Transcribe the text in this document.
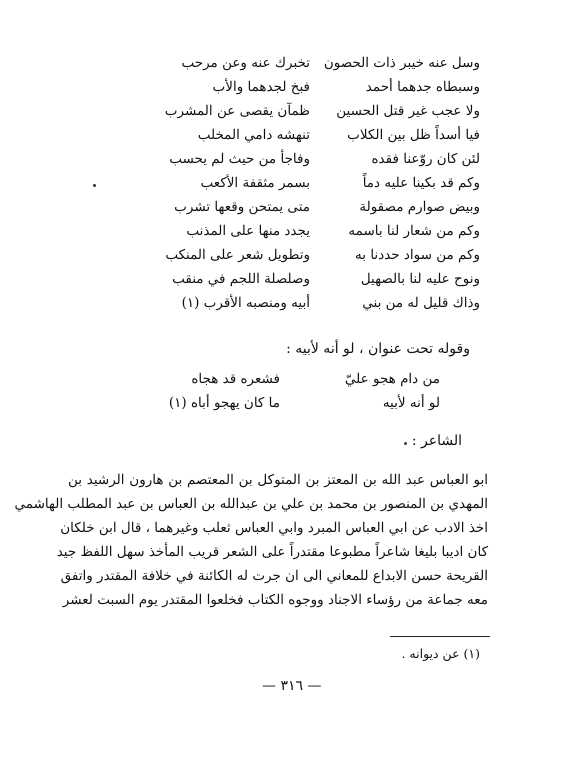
وسل عنه خيبر ذات الحصون
تخبرك عنه وعن مرحب
وسبطاه جدهما أحمد
فبخ لجدهما والأب
ولا عجب غير قتل الحسين
ظمآن يقصى عن المشرب
فيا أسداً ظل بين الكلاب
تنهشه دامي المخلب
لئن كان روّعنا فقده
وفاجأ من حيث لم يحسب
وكم قد بكينا عليه دماً
بسمر مثقفة الأكعب
وبيض صوارم مصقولة
متى يمتحن وقعها تشرب
وكم من شعار لنا باسمه
يجدد منها على المذنب
وكم من سواد حددنا به
وتطويل شعر على المنكب
ونوح عليه لنا بالصهيل
وصلصلة اللجم في منقب
وذاك قليل له من بني
أبيه ومنصبه الأقرب (١)
وقوله تحت عنوان ، لو أنه لأبيه :
من دام هجو عليّ
فشعره قد هجاه
لو أنه لأبيه
ما كان يهجو أباه (١)
الشاعر :
ابو العباس عبد الله بن المعتز بن المتوكل بن المعتصم بن هارون الرشيد بن
المهدي بن المنصور بن محمد بن علي بن عبدالله بن العباس بن عبد المطلب الهاشمي
اخذ الادب عن ابي العباس المبرد وابي العباس ثعلب وغيرهما ، قال ابن خلكان
كان اديبا بليغا شاعراً مطبوعا مقتدراً على الشعر قريب المأخذ سهل اللفظ جيد
القريحة حسن الابداع للمعاني الى ان جرت له الكائنة في خلافة المقتدر واتفق
معه جماعة من رؤساء الاجناد ووجوه الكتاب فخلعوا المقتدر يوم السبت لعشر
(١) عن ديوانه .
— ٣١٦ —
